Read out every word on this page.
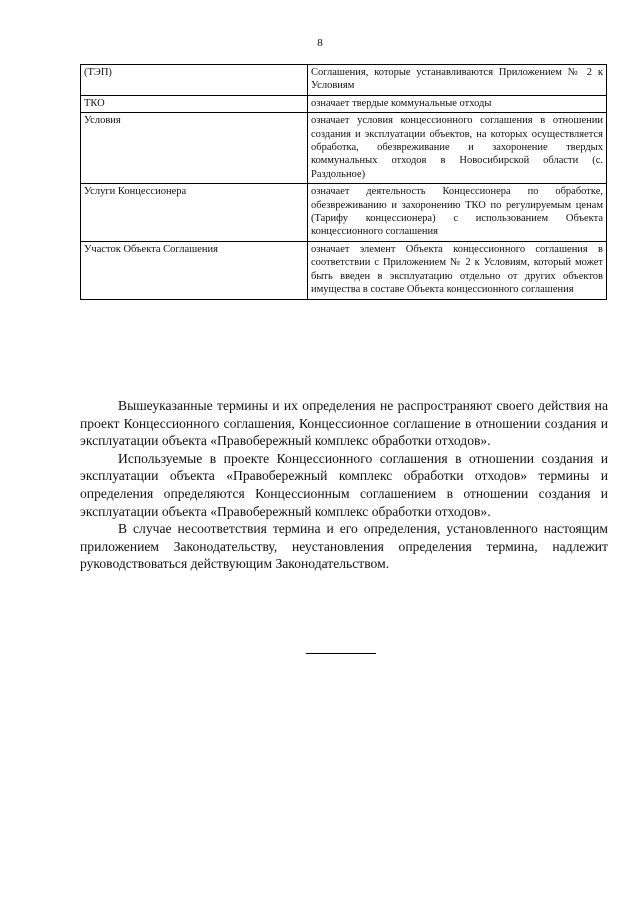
8
(ТЭП)	Соглашения, которые устанавливаются Приложением № 2 к Условиям
ТКО	означает твердые коммунальные отходы
Условия	означает условия концессионного соглашения в отношении создания и эксплуатации объектов, на которых осуществляется обработка, обезвреживание и захоронение твердых коммунальных отходов в Новосибирской области (с. Раздольное)
Услуги Концессионера	означает деятельность Концессионера по обработке, обезвреживанию и захоронению ТКО по регулируемым ценам (Тарифу концессионера) с использованием Объекта концессионного соглашения
Участок Объекта Соглашения	означает элемент Объекта концессионного соглашения в соответствии с Приложением № 2 к Условиям, который может быть введен в эксплуатацию отдельно от других объектов имущества в составе Объекта концессионного соглашения

Вышеуказанные термины и их определения не распространяют своего действия на проект Концессионного соглашения, Концессионное соглашение в отношении создания и эксплуатации объекта «Правобережный комплекс обработки отходов».

Используемые в проекте Концессионного соглашения в отношении создания и эксплуатации объекта «Правобережный комплекс обработки отходов» термины и определения определяются Концессионным соглашением в отношении создания и эксплуатации объекта «Правобережный комплекс обработки отходов».

В случае несоответствия термина и его определения, установленного настоящим приложением Законодательству, неустановления определения термина, надлежит руководствоваться действующим Законодательством.
